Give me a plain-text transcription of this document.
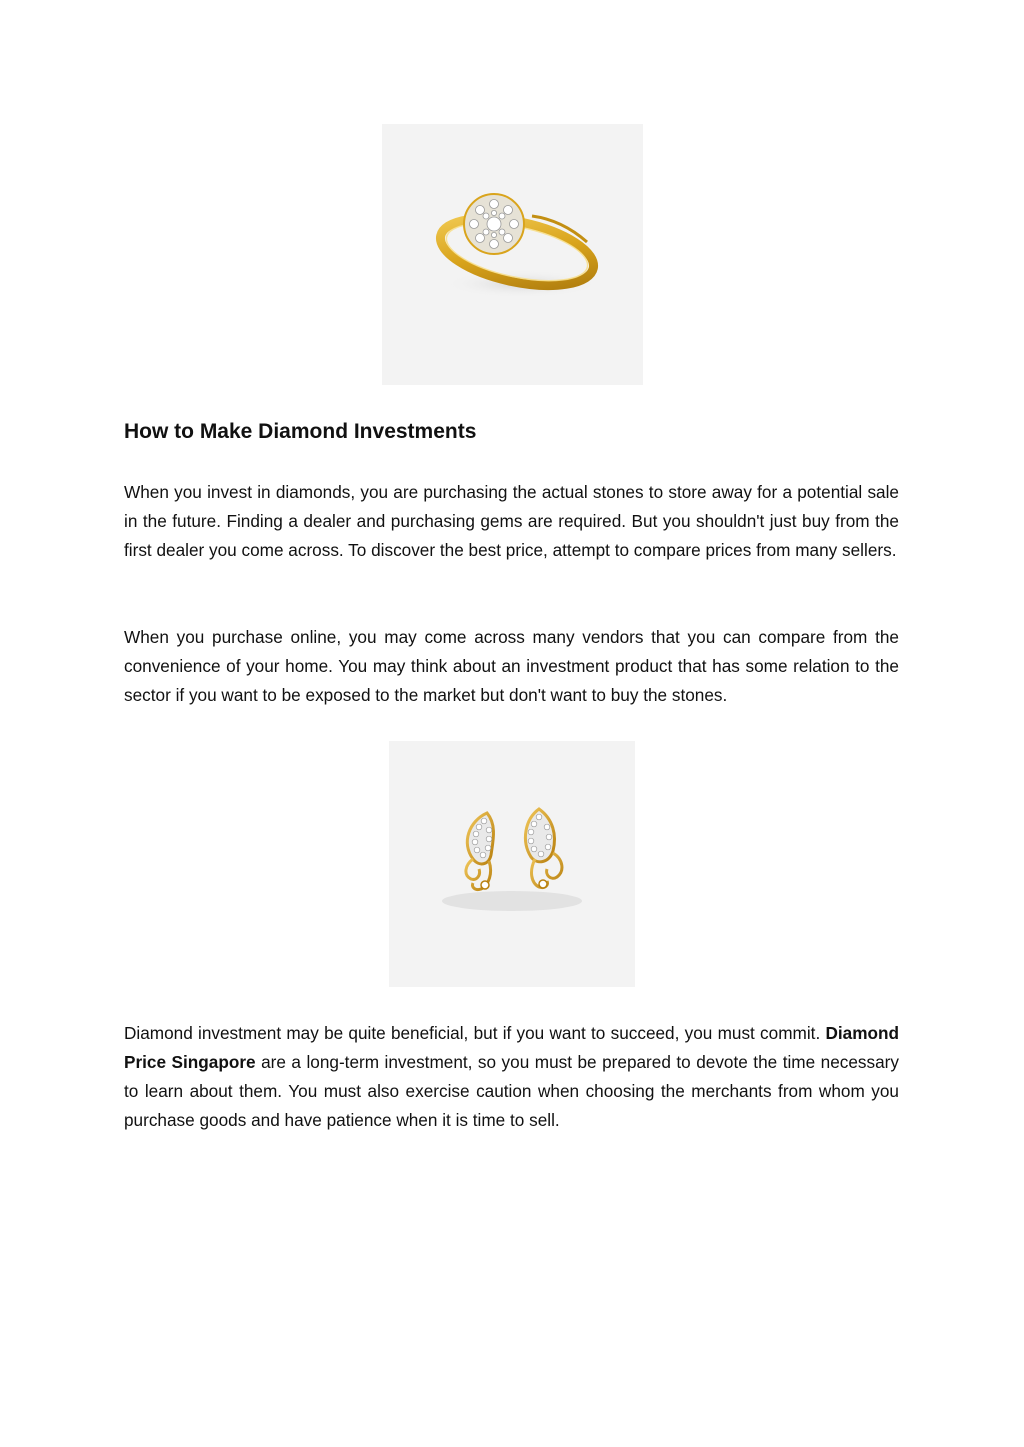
How to Make Diamond Investments

When you invest in diamonds, you are purchasing the actual stones to store away for a potential sale in the future. Finding a dealer and purchasing gems are required. But you shouldn't just buy from the first dealer you come across. To discover the best price, attempt to compare prices from many sellers.

When you purchase online, you may come across many vendors that you can compare from the convenience of your home. You may think about an investment product that has some relation to the sector if you want to be exposed to the market but don't want to buy the stones.

Diamond investment may be quite beneficial, but if you want to succeed, you must commit. Diamond Price Singapore are a long-term investment, so you must be prepared to devote the time necessary to learn about them. You must also exercise caution when choosing the merchants from whom you purchase goods and have patience when it is time to sell.
